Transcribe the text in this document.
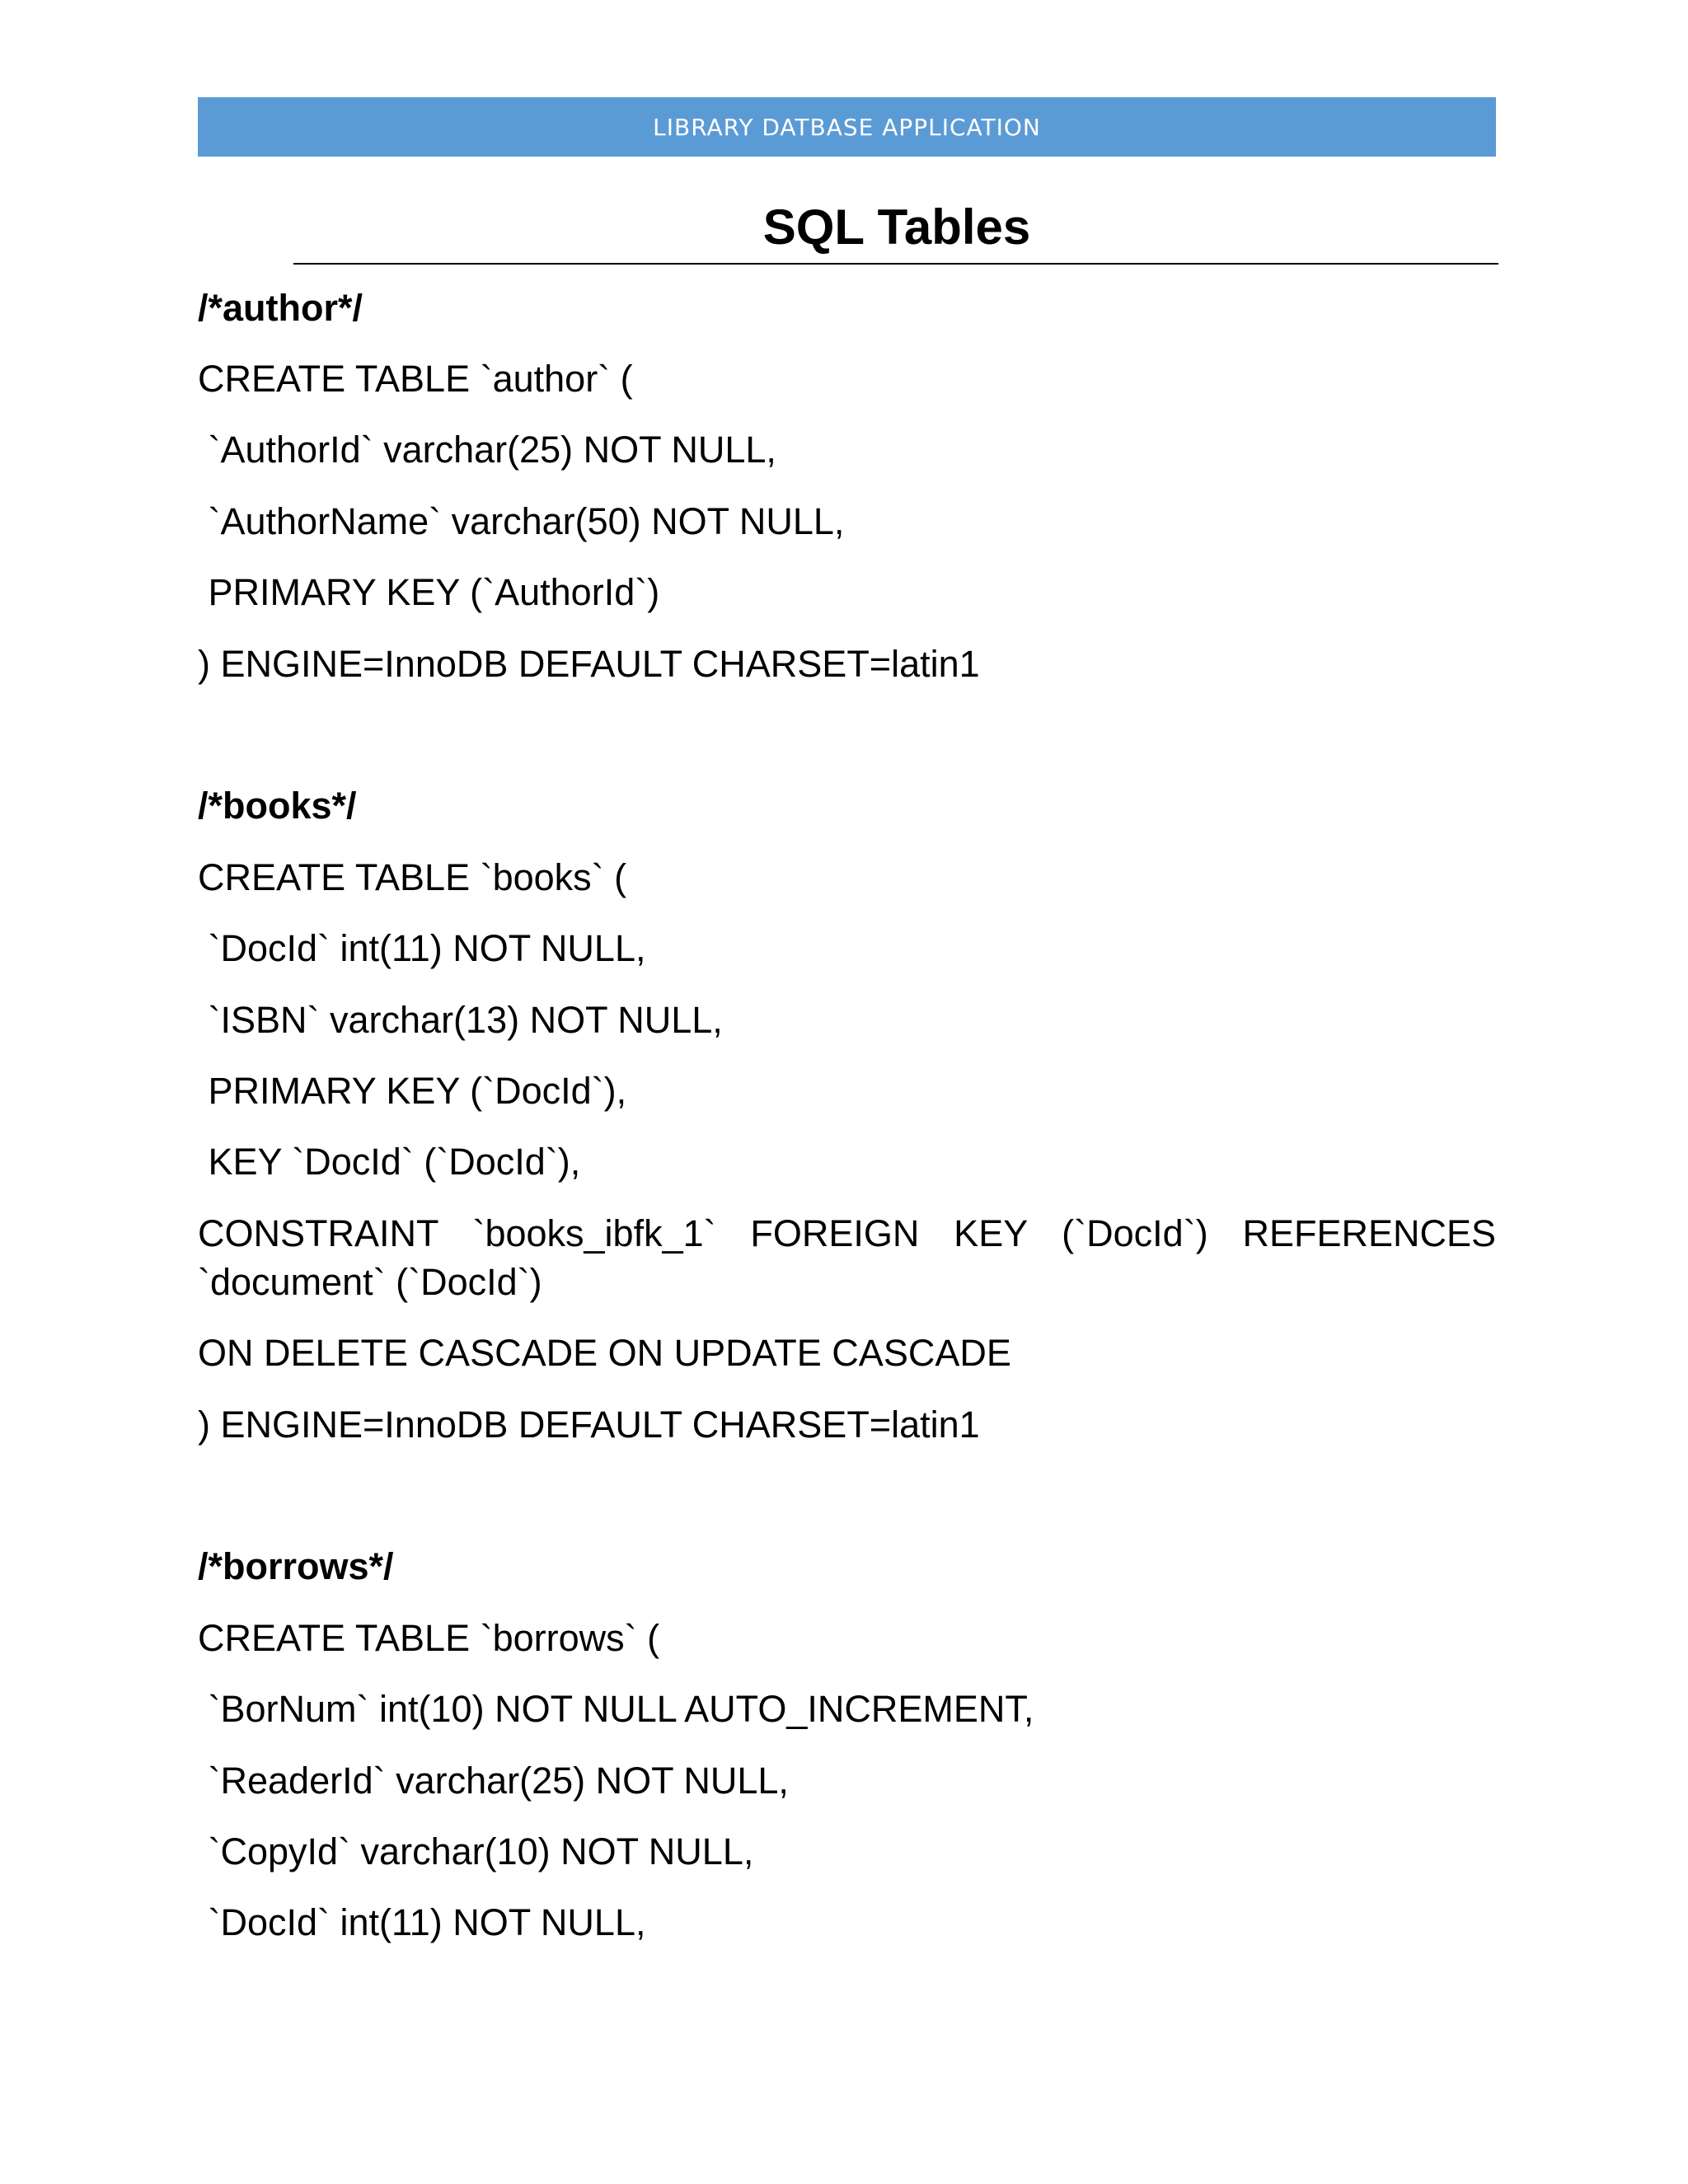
LIBRARY DATBASE APPLICATION
SQL Tables
/*author*/
CREATE TABLE `author` (
`AuthorId` varchar(25) NOT NULL,
`AuthorName` varchar(50) NOT NULL,
PRIMARY KEY (`AuthorId`)
) ENGINE=InnoDB DEFAULT CHARSET=latin1
/*books*/
CREATE TABLE `books` (
`DocId` int(11) NOT NULL,
`ISBN` varchar(13) NOT NULL,
PRIMARY KEY (`DocId`),
KEY `DocId` (`DocId`),
CONSTRAINT `books_ibfk_1` FOREIGN KEY (`DocId`) REFERENCES
`document` (`DocId`)
ON DELETE CASCADE ON UPDATE CASCADE
) ENGINE=InnoDB DEFAULT CHARSET=latin1
/*borrows*/
CREATE TABLE `borrows` (
`BorNum` int(10) NOT NULL AUTO_INCREMENT,
`ReaderId` varchar(25) NOT NULL,
`CopyId` varchar(10) NOT NULL,
`DocId` int(11) NOT NULL,
